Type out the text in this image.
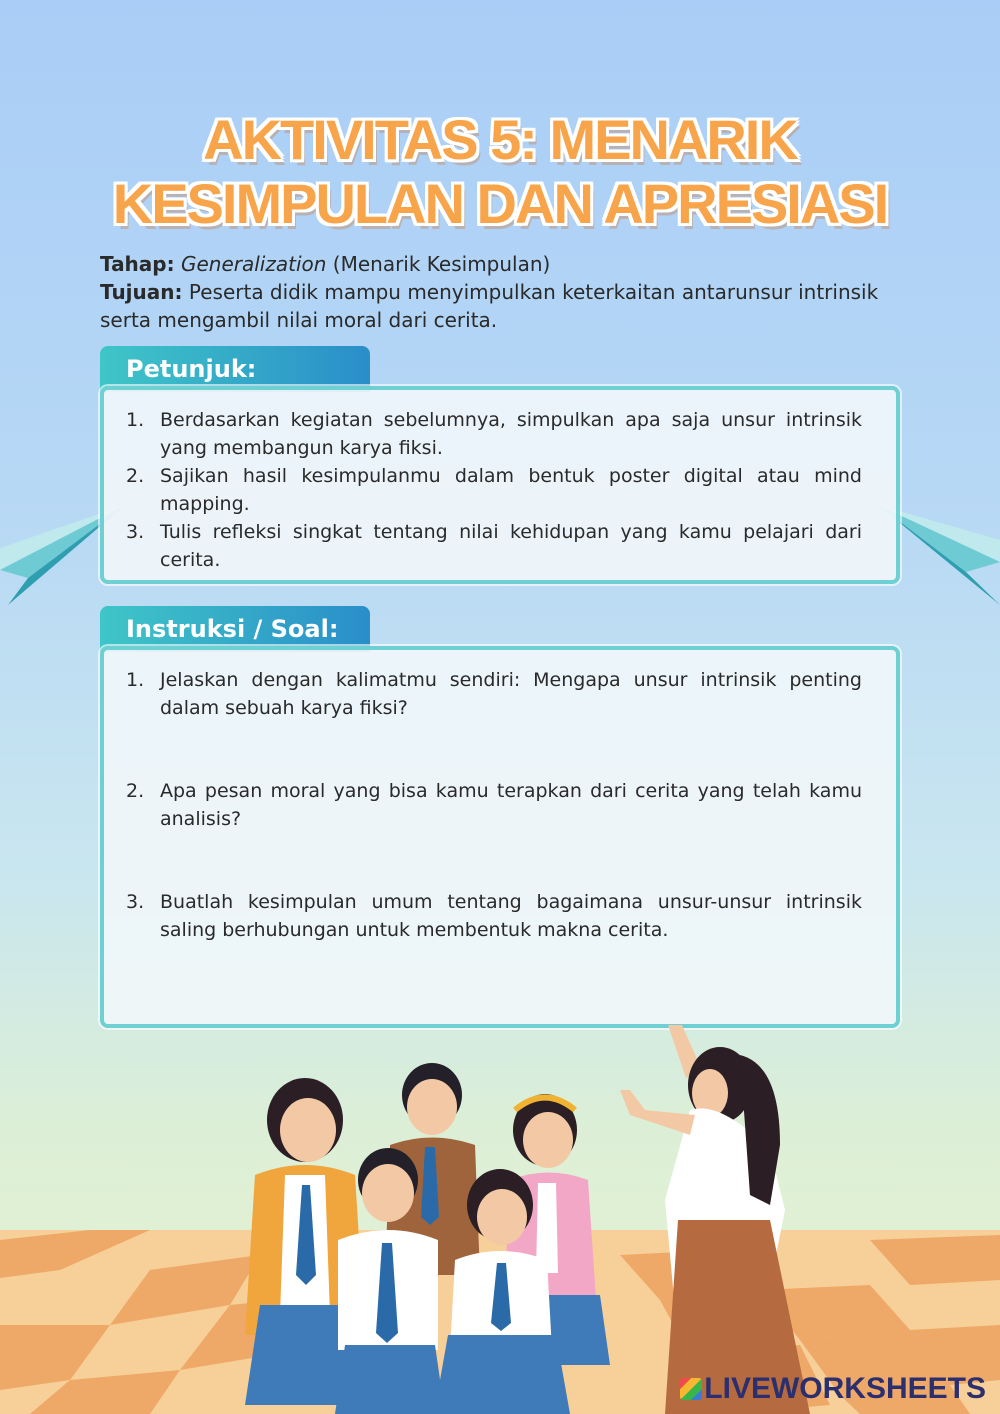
AKTIVITAS 5: MENARIK
KESIMPULAN DAN APRESIASI
Tahap: Generalization (Menarik Kesimpulan)
Tujuan: Peserta didik mampu menyimpulkan keterkaitan antarunsur intrinsik serta mengambil nilai moral dari cerita.
Petunjuk:
1. Berdasarkan kegiatan sebelumnya, simpulkan apa saja unsur intrinsik yang membangun karya fiksi.
2. Sajikan hasil kesimpulanmu dalam bentuk poster digital atau mind mapping.
3. Tulis refleksi singkat tentang nilai kehidupan yang kamu pelajari dari cerita.
Instruksi / Soal:
1. Jelaskan dengan kalimatmu sendiri: Mengapa unsur intrinsik penting dalam sebuah karya fiksi?
2. Apa pesan moral yang bisa kamu terapkan dari cerita yang telah kamu analisis?
3. Buatlah kesimpulan umum tentang bagaimana unsur-unsur intrinsik saling berhubungan untuk membentuk makna cerita.
LIVEWORKSHEETS
